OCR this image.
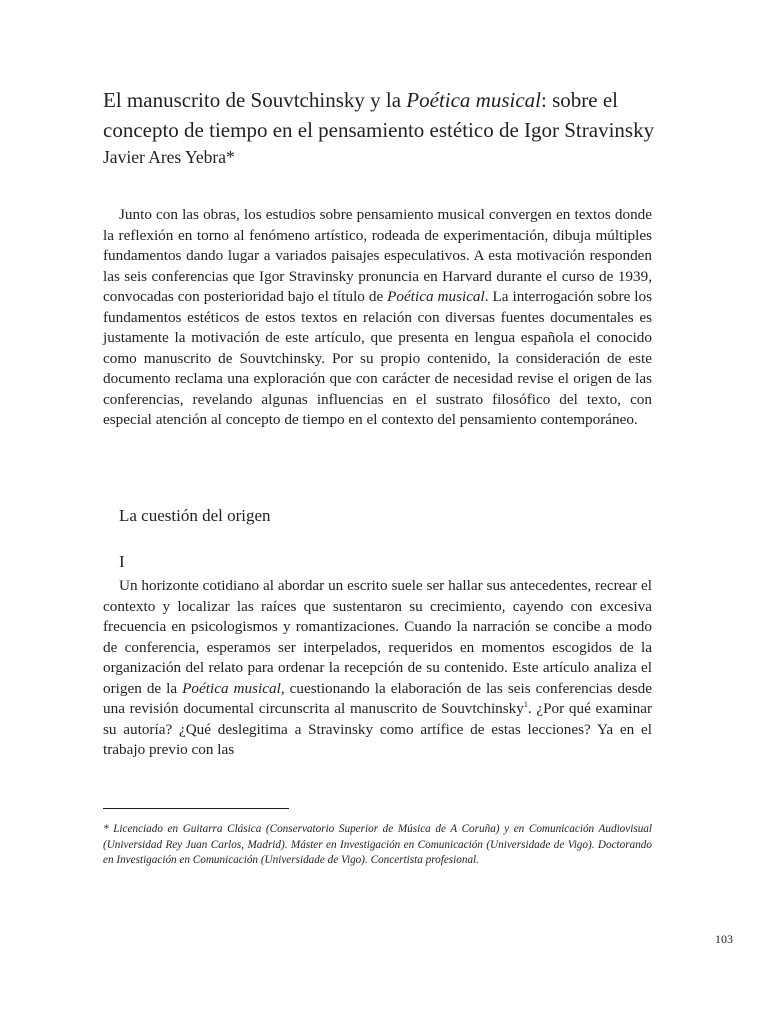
El manuscrito de Souvtchinsky y la Poética musical: sobre el concepto de tiempo en el pensamiento estético de Igor Stravinsky
Javier Ares Yebra*

Junto con las obras, los estudios sobre pensamiento musical convergen en textos donde la reflexión en torno al fenómeno artístico, rodeada de experimentación, dibuja múltiples fundamentos dando lugar a variados paisajes especulativos. A esta motivación responden las seis conferencias que Igor Stravinsky pronuncia en Harvard durante el curso de 1939, convocadas con posterioridad bajo el título de Poética musical. La interrogación sobre los fundamentos estéticos de estos textos en relación con diversas fuentes documentales es justamente la motivación de este artículo, que presenta en lengua española el conocido como manuscrito de Souvtchinsky. Por su propio contenido, la consideración de este documento reclama una exploración que con carácter de necesidad revise el origen de las conferencias, revelando algunas influencias en el sustrato filosófico del texto, con especial atención al concepto de tiempo en el contexto del pensamiento contemporáneo.

La cuestión del origen
I

Un horizonte cotidiano al abordar un escrito suele ser hallar sus antecedentes, recrear el contexto y localizar las raíces que sustentaron su crecimiento, cayendo con excesiva frecuencia en psicologismos y romantizaciones. Cuando la narración se concibe a modo de conferencia, esperamos ser interpelados, requeridos en momentos escogidos de la organización del relato para ordenar la recepción de su contenido. Este artículo analiza el origen de la Poética musical, cuestionando la elaboración de las seis conferencias desde una revisión documental circunscrita al manuscrito de Souvtchinsky$^1$. ¿Por qué examinar su autoría? ¿Qué deslegitima a Stravinsky como artífice de estas lecciones? Ya en el trabajo previo con las

* Licenciado en Guitarra Clásica (Conservatorio Superior de Música de A Coruña) y en Comunicación Audiovisual (Universidad Rey Juan Carlos, Madrid). Máster en Investigación en Comunicación (Universidade de Vigo). Doctorando en Investigación en Comunicación (Universidade de Vigo). Concertista profesional.

103
